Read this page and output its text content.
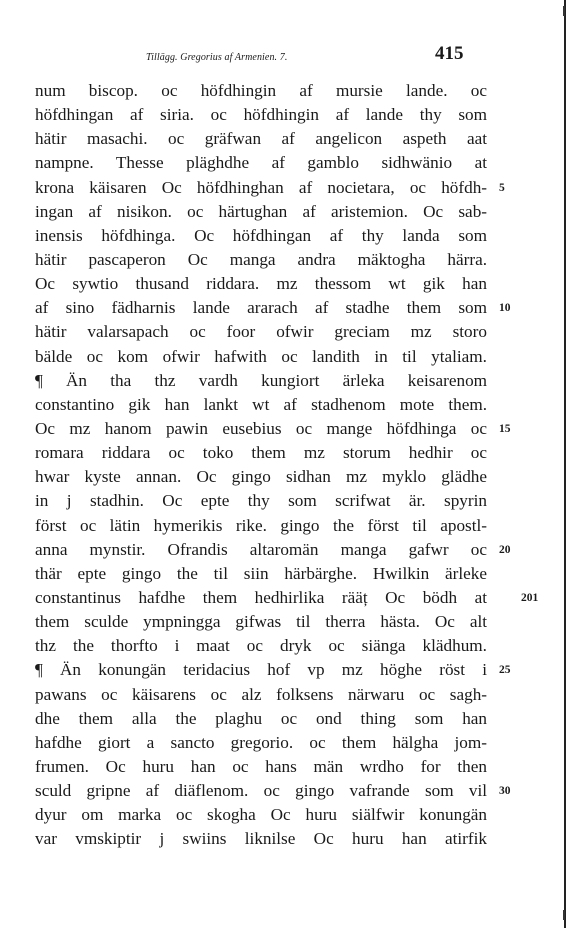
Tillägg. Gregorius af Armenien. 7.	415
num biscop. oc höfdhingin af mursie lande. oc
höfdhingan af siria. oc höfdhingin af lande thy som
hätir masachi. oc gräfwan af angelicon aspeth aat
nampne. Thesse pläghdhe af gamblo sidhwänio at
krona käisaren Oc höfdhinghan af nocietara, oc höfdh- 5
ingan af nisikon. oc härtughan af aristemion. Oc sab-
inensis höfdhinga. Oc höfdhingan af thy landa som
hätir pascaperon Oc manga andra mäktogha härra.
Oc sywtio thusand riddara. mz thessom wt gik han
af sino fädharnis lande ararach af stadhe them som 10
hätir valarsapach oc foor ofwir greciam mz storo
bälde oc kom ofwir hafwith oc landith in til ytaliam.
¶ Än tha thz vardh kungiort ärleka keisarenom
constantino gik han lankt wt af stadhenom mote them.
Oc mz hanom pawin eusebius oc mange höfdhinga oc 15
romara riddara oc toko them mz storum hedhir oc
hwar kyste annan. Oc gingo sidhan mz myklo glädhe
in j stadhin. Oc epte thy som scrifwat är. spyrin
först oc lätin hymerikis rike. gingo the först til apostl-
anna mynstir. Ofrandis altaromän manga gafwr oc 20
thär epte gingo the til siin härbärghe. Hwilkin ärleke
constantinus hafdhe them hedhirlika rääț Oc bödh at	201
them sculde ympningga gifwas til therra hästa. Oc alt
thz the thorfto i maat oc dryk oc siänga klädhum.
¶ Än konungän teridacius hof vp mz höghe röst i 25
pawans oc käisarens oc alz folksens närwaru oc sagh-
dhe them alla the plaghu oc ond thing som han
hafdhe giort a sancto gregorio. oc them hälgha jom-
frumen. Oc huru han oc hans män wrdho for then
sculd gripne af diäflenom. oc gingo vafrande som vil 30
dyur om marka oc skogha Oc huru siälfwir konungän
var vmskiptir j swiins liknilse Oc huru han atirfik
